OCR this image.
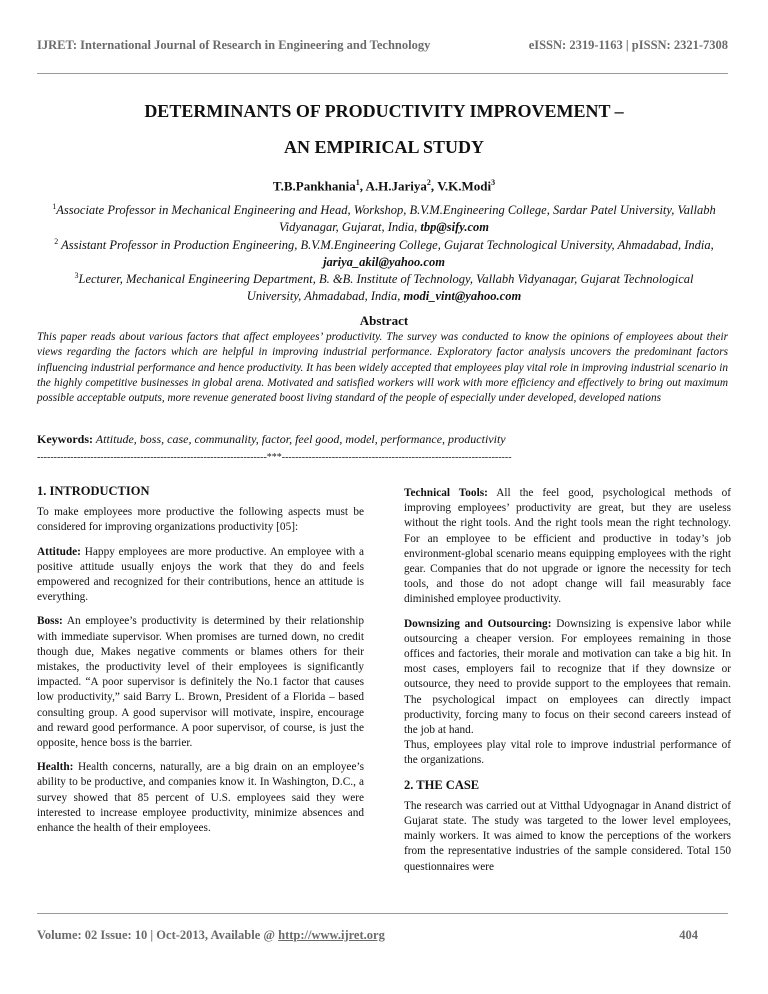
IJRET: International Journal of Research in Engineering and Technology	eISSN: 2319-1163 | pISSN: 2321-7308
DETERMINANTS OF PRODUCTIVITY IMPROVEMENT –
AN EMPIRICAL STUDY
T.B.Pankhania$^1$, A.H.Jariya$^2$, V.K.Modi$^3$
$^1$Associate Professor in Mechanical Engineering and Head, Workshop, B.V.M.Engineering College, Sardar Patel University, Vallabh Vidyanagar, Gujarat, India, tbp@sify.com
$^2$ Assistant Professor in Production Engineering, B.V.M.Engineering College, Gujarat Technological University, Ahmadabad, India, jariya_akil@yahoo.com
$^3$Lecturer, Mechanical Engineering Department, B. &B. Institute of Technology, Vallabh Vidyanagar, Gujarat Technological University, Ahmadabad, India, modi_vint@yahoo.com
Abstract
This paper reads about various factors that affect employees’ productivity. The survey was conducted to know the opinions of employees about their views regarding the factors which are helpful in improving industrial performance. Exploratory factor analysis uncovers the predominant factors influencing industrial performance and hence productivity. It has been widely accepted that employees play vital role in improving industrial scenario in the highly competitive businesses in global arena. Motivated and satisfied workers will work with more efficiency and effectively to bring out maximum possible acceptable outputs, more revenue generated boost living standard of the people of especially under developed, developed nations
Keywords: Attitude, boss, case, communality, factor, feel good, model, performance, productivity
---------------------------------------------------------------------***---------------------------------------------------------------------
1. INTRODUCTION

To make employees more productive the following aspects must be considered for improving organizations productivity [05]:

Attitude: Happy employees are more productive. An employee with a positive attitude usually enjoys the work that they do and feels empowered and recognized for their contributions, hence an attitude is everything.

Boss: An employee’s productivity is determined by their relationship with immediate supervisor. When promises are turned down, no credit though due, Makes negative comments or blames others for their mistakes, the productivity level of their employees is significantly impacted. “A poor supervisor is definitely the No.1 factor that causes low productivity,” said Barry L. Brown, President of a Florida – based consulting group. A good supervisor will motivate, inspire, encourage and reward good performance. A poor supervisor, of course, is just the opposite, hence boss is the barrier.

Health: Health concerns, naturally, are a big drain on an employee’s ability to be productive, and companies know it. In Washington, D.C., a survey showed that 85 percent of U.S. employees said they were interested to increase employee productivity, minimize absences and enhance the health of their employees.

Technical Tools: All the feel good, psychological methods of improving employees’ productivity are great, but they are useless without the right tools. And the right tools mean the right technology. For an employee to be efficient and productive in today’s job environment-global scenario means equipping employees with the right gear. Companies that do not upgrade or ignore the necessity for tech tools, and those do not adopt change will fail measurably face diminished employee productivity.

Downsizing and Outsourcing: Downsizing is expensive labor while outsourcing a cheaper version. For employees remaining in those offices and factories, their morale and motivation can take a big hit. In most cases, employers fail to recognize that if they downsize or outsource, they need to provide support to the employees that remain. The psychological impact on employees can directly impact productivity, forcing many to focus on their second careers instead of the job at hand.

Thus, employees play vital role to improve industrial performance of the organizations.

2. THE CASE

The research was carried out at Vitthal Udyognagar in Anand district of Gujarat state. The study was targeted to the lower level employees, mainly workers. It was aimed to know the perceptions of the workers from the representative industries of the sample considered. Total 150 questionnaires were

Volume: 02 Issue: 10 | Oct-2013, Available @ http://www.ijret.org	404
